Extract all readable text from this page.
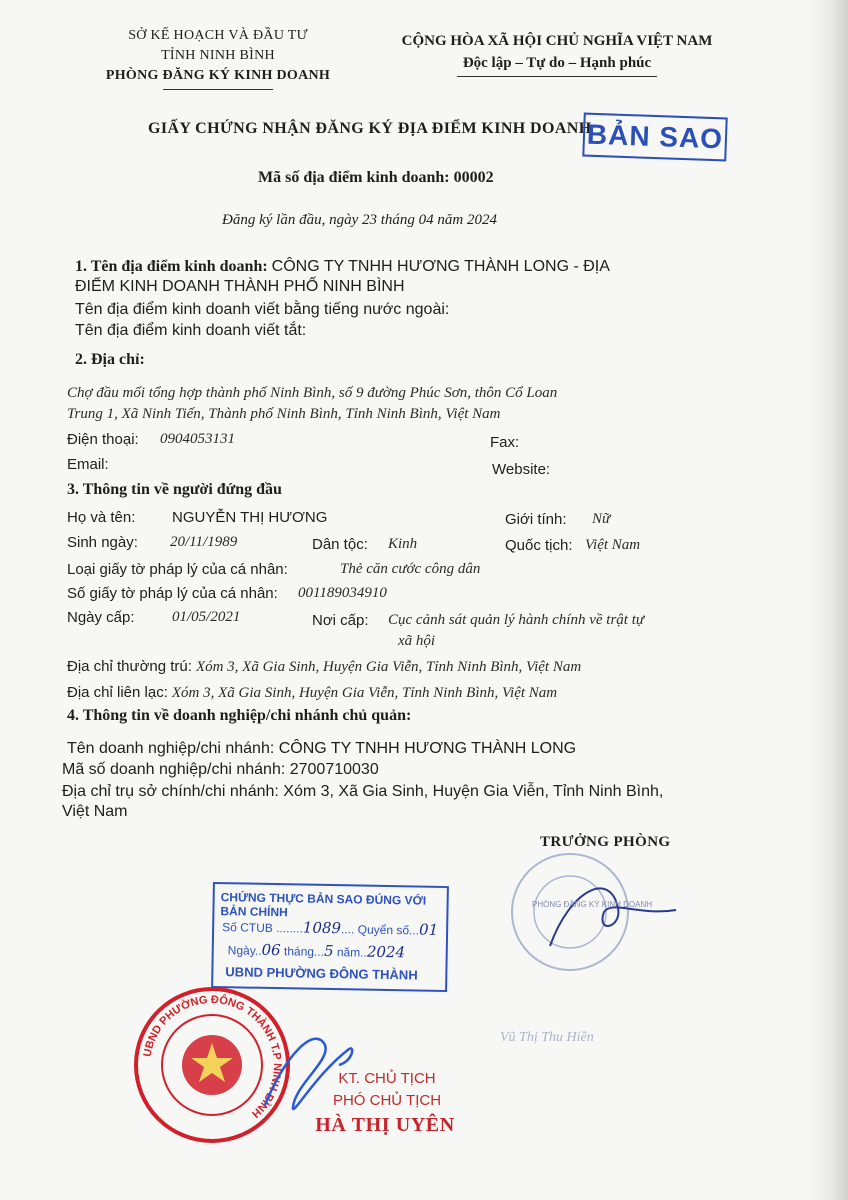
SỞ KẾ HOẠCH VÀ ĐẦU TƯ
TỈNH NINH BÌNH
PHÒNG ĐĂNG KÝ KINH DOANH
CỘNG HÒA XÃ HỘI CHỦ NGHĨA VIỆT NAM
Độc lập – Tự do – Hạnh phúc
GIẤY CHỨNG NHẬN ĐĂNG KÝ ĐỊA ĐIỂM KINH DOANH
BẢN SAO
Mã số địa điểm kinh doanh: 00002
Đăng ký lần đầu, ngày 23 tháng 04 năm 2024
1. Tên địa điểm kinh doanh: CÔNG TY TNHH HƯƠNG THÀNH LONG - ĐỊA
ĐIỂM KINH DOANH THÀNH PHỐ NINH BÌNH
Tên địa điểm kinh doanh viết bằng tiếng nước ngoài:
Tên địa điểm kinh doanh viết tắt:
2. Địa chỉ:
Chợ đầu mối tổng hợp thành phố Ninh Bình, số 9 đường Phúc Sơn, thôn Cổ Loan
Trung 1, Xã Ninh Tiến, Thành phố Ninh Bình, Tỉnh Ninh Bình, Việt Nam
Điện thoại: 0904053131	Fax:
Email:	Website:
3. Thông tin về người đứng đầu
Họ và tên: NGUYỄN THỊ HƯƠNG	Giới tính: Nữ
Sinh ngày: 20/11/1989	Dân tộc: Kinh	Quốc tịch: Việt Nam
Loại giấy tờ pháp lý của cá nhân:	Thẻ căn cước công dân
Số giấy tờ pháp lý của cá nhân: 001189034910
Ngày cấp: 01/05/2021	Nơi cấp: Cục cảnh sát quản lý hành chính về trật tự
xã hội
Địa chỉ thường trú: Xóm 3, Xã Gia Sinh, Huyện Gia Viễn, Tỉnh Ninh Bình, Việt Nam
Địa chỉ liên lạc: Xóm 3, Xã Gia Sinh, Huyện Gia Viễn, Tỉnh Ninh Bình, Việt Nam
4. Thông tin về doanh nghiệp/chi nhánh chủ quản:
Tên doanh nghiệp/chi nhánh: CÔNG TY TNHH HƯƠNG THÀNH LONG
Mã số doanh nghiệp/chi nhánh: 2700710030
Địa chỉ trụ sở chính/chi nhánh: Xóm 3, Xã Gia Sinh, Huyện Gia Viễn, Tỉnh Ninh Bình,
Việt Nam
TRƯỞNG PHÒNG
PHÒNG ĐĂNG KÝ KINH DOANH
Vũ Thị Thu Hiền
CHỨNG THỰC BẢN SAO ĐÚNG VỚI BẢN CHÍNH
Số CTUB ........1089.... Quyển số...01
Ngày..06 tháng...5 năm..2024
UBND PHƯỜNG ĐÔNG THÀNH
UBND PHƯỜNG ĐÔNG THÀNH T.P NINH BÌNH
KT. CHỦ TỊCH
PHÓ CHỦ TỊCH
HÀ THỊ UYÊN
